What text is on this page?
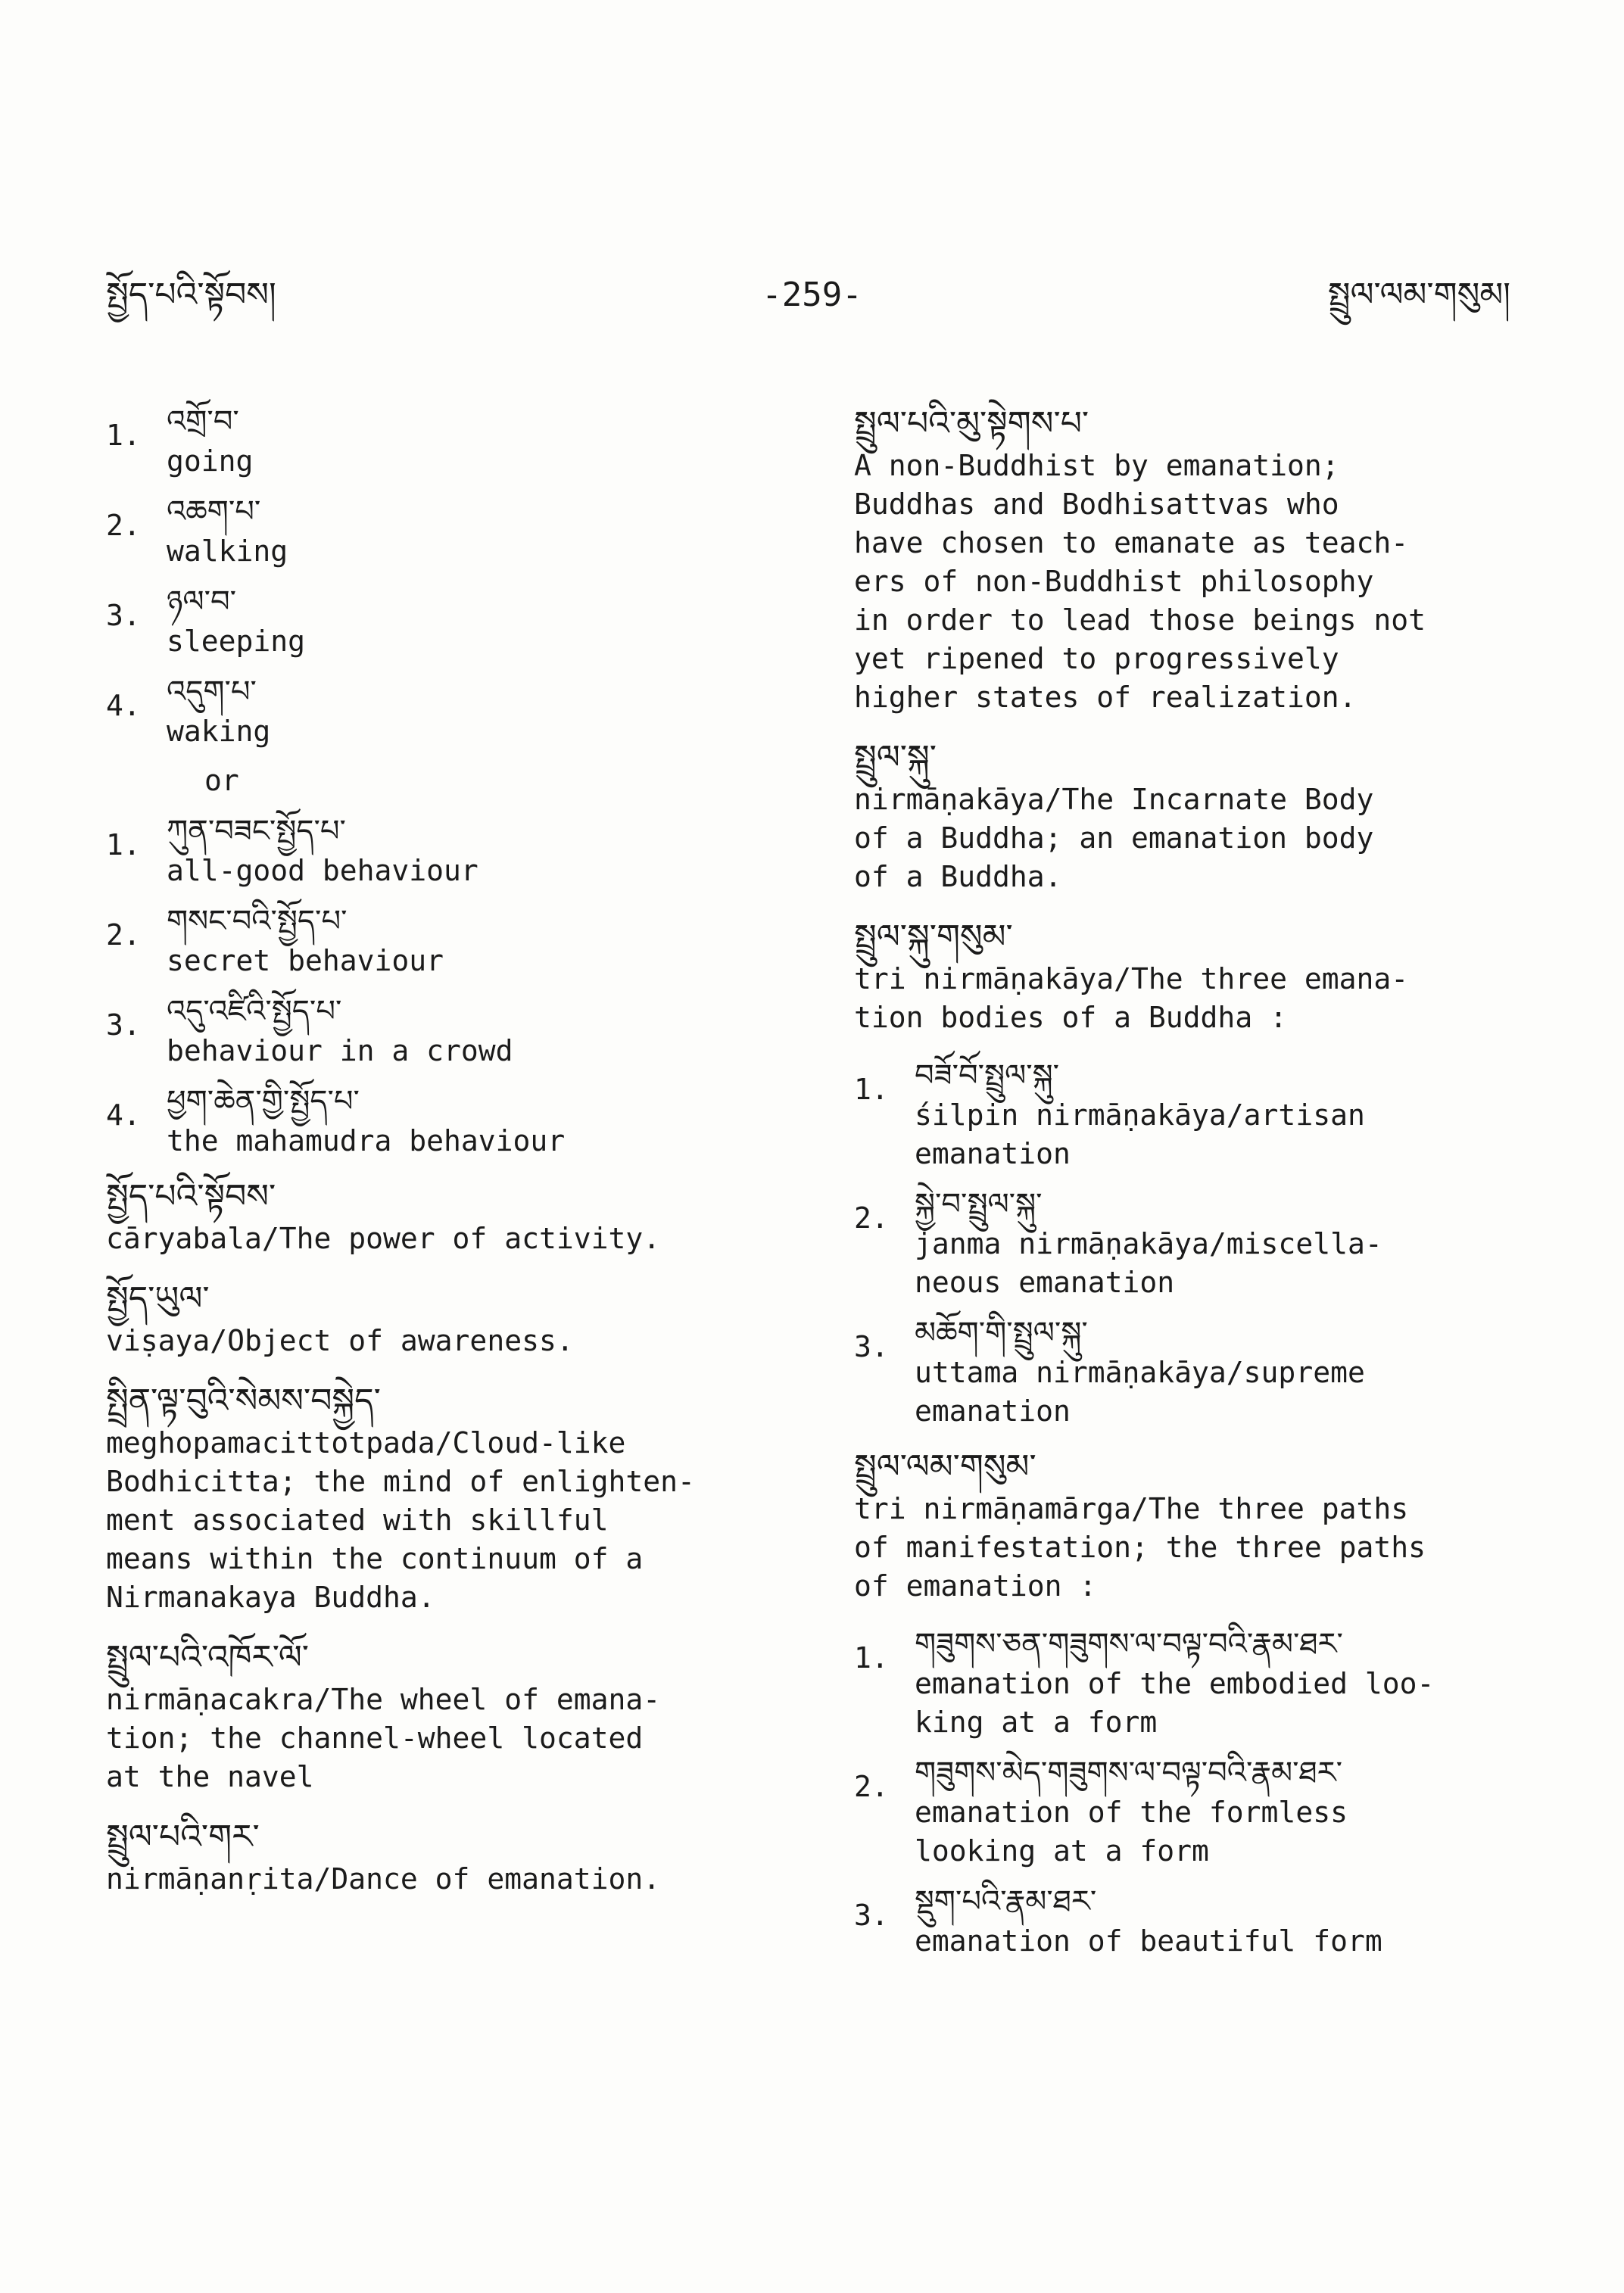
སྤྱོད་པའི་སྟོབས།	-259-	སྤྲུལ་ལམ་གསུམ།
1. འགྲོ་བ་
going
2. འཆག་པ་
walking
3. ཉལ་བ་
sleeping
4. འདུག་པ་
waking
or
1. ཀུན་བཟང་སྤྱོད་པ་
all-good behaviour
2. གསང་བའི་སྤྱོད་པ་
secret behaviour
3. འདུ་འཛིའི་སྤྱོད་པ་
behaviour in a crowd
4. ཕྱག་ཆེན་གྱི་སྤྱོད་པ་
the mahamudra behaviour
སྤྱོད་པའི་སྟོབས་
cāryabala/The power of activity.
སྤྱོད་ཡུལ་
viṣaya/Object of awareness.
སྤྲིན་ལྟ་བུའི་སེམས་བསྐྱེད་
meghopamacittotpada/Cloud-like
Bodhicitta; the mind of enlighten-
ment associated with skillful
means within the continuum of a
Nirmanakaya Buddha.
སྤྲུལ་པའི་འཁོར་ལོ་
nirmāṇacakra/The wheel of emana-
tion; the channel-wheel located
at the navel
སྤྲུལ་པའི་གར་
nirmāṇanṛita/Dance of emanation.
སྤྲུལ་པའི་མུ་སྟེགས་པ་
A non-Buddhist by emanation;
Buddhas and Bodhisattvas who
have chosen to emanate as teach-
ers of non-Buddhist philosophy
in order to lead those beings not
yet ripened to progressively
higher states of realization.
སྤྲུལ་སྐུ་
nirmāṇakāya/The Incarnate Body
of a Buddha; an emanation body
of a Buddha.
སྤྲུལ་སྐུ་གསུམ་
tri nirmāṇakāya/The three emana-
tion bodies of a Buddha :
1. བཟོ་བོ་སྤྲུལ་སྐུ་
śilpin nirmāṇakāya/artisan
emanation
2. སྐྱེ་བ་སྤྲུལ་སྐུ་
janma nirmāṇakāya/miscella-
neous emanation
3. མཆོག་གི་སྤྲུལ་སྐུ་
uttama nirmāṇakāya/supreme
emanation
སྤྲུལ་ལམ་གསུམ་
tri nirmāṇamārga/The three paths
of manifestation; the three paths
of emanation :
1. གཟུགས་ཅན་གཟུགས་ལ་བལྟ་བའི་རྣམ་ཐར་
emanation of the embodied loo-
king at a form
2. གཟུགས་མེད་གཟུགས་ལ་བལྟ་བའི་རྣམ་ཐར་
emanation of the formless
looking at a form
3. སྡུག་པའི་རྣམ་ཐར་
emanation of beautiful form
